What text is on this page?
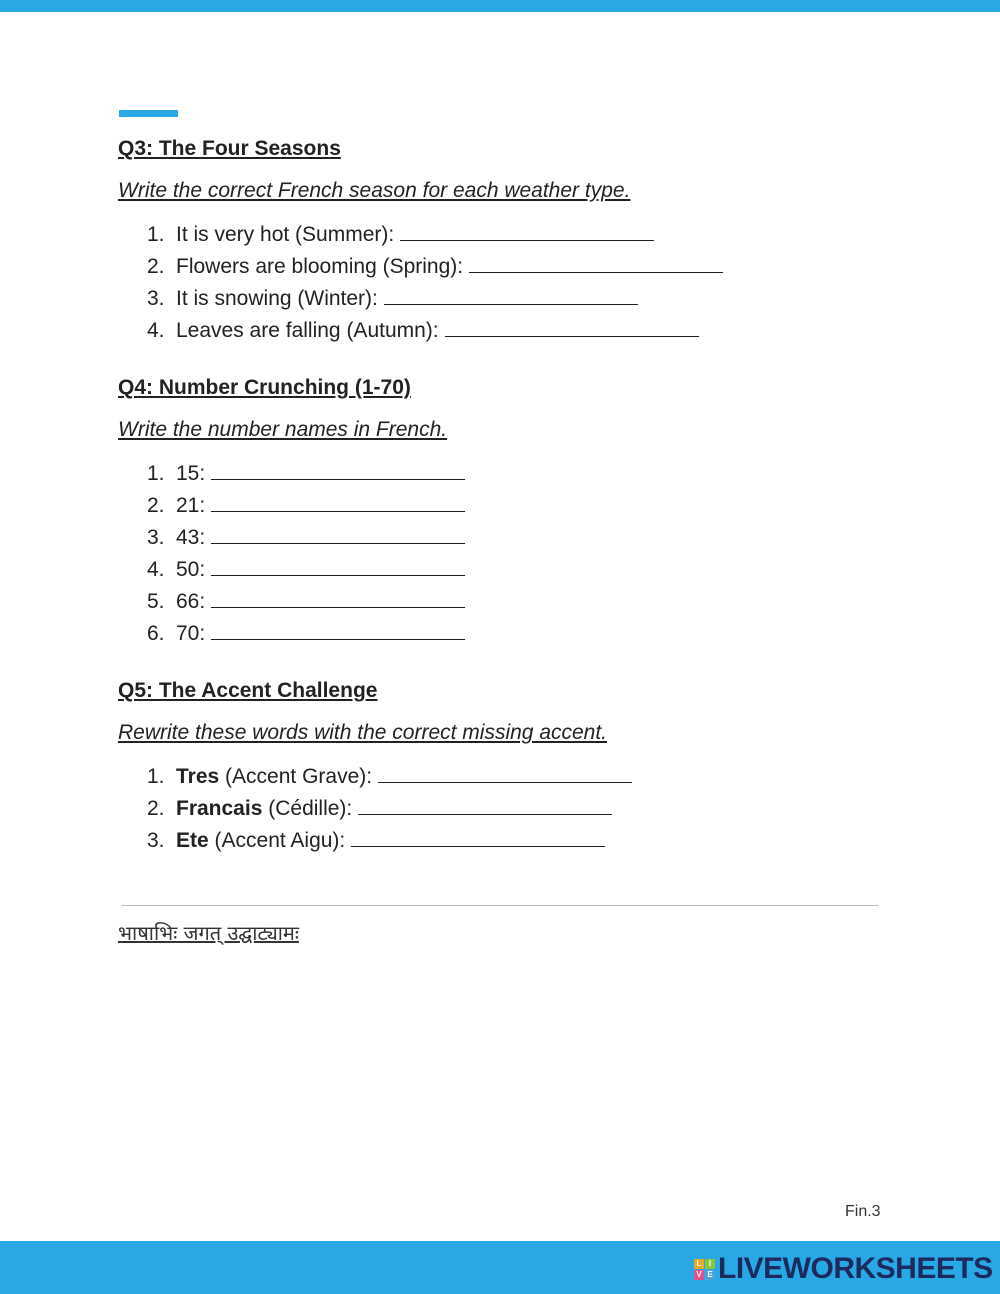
Q3: The Four Seasons
Write the correct French season for each weather type.
1. It is very hot (Summer):
2. Flowers are blooming (Spring):
3. It is snowing (Winter):
4. Leaves are falling (Autumn):
Q4: Number Crunching (1-70)
Write the number names in French.
1. 15:
2. 21:
3. 43:
4. 50:
5. 66:
6. 70:
Q5: The Accent Challenge
Rewrite these words with the correct missing accent.
1. Tres (Accent Grave):
2. Francais (Cédille):
3. Ete (Accent Aigu):
भाषाभिः जगत् उद्घाट्यामः
Fin.3
L I
V E LIVEWORKSHEETS
